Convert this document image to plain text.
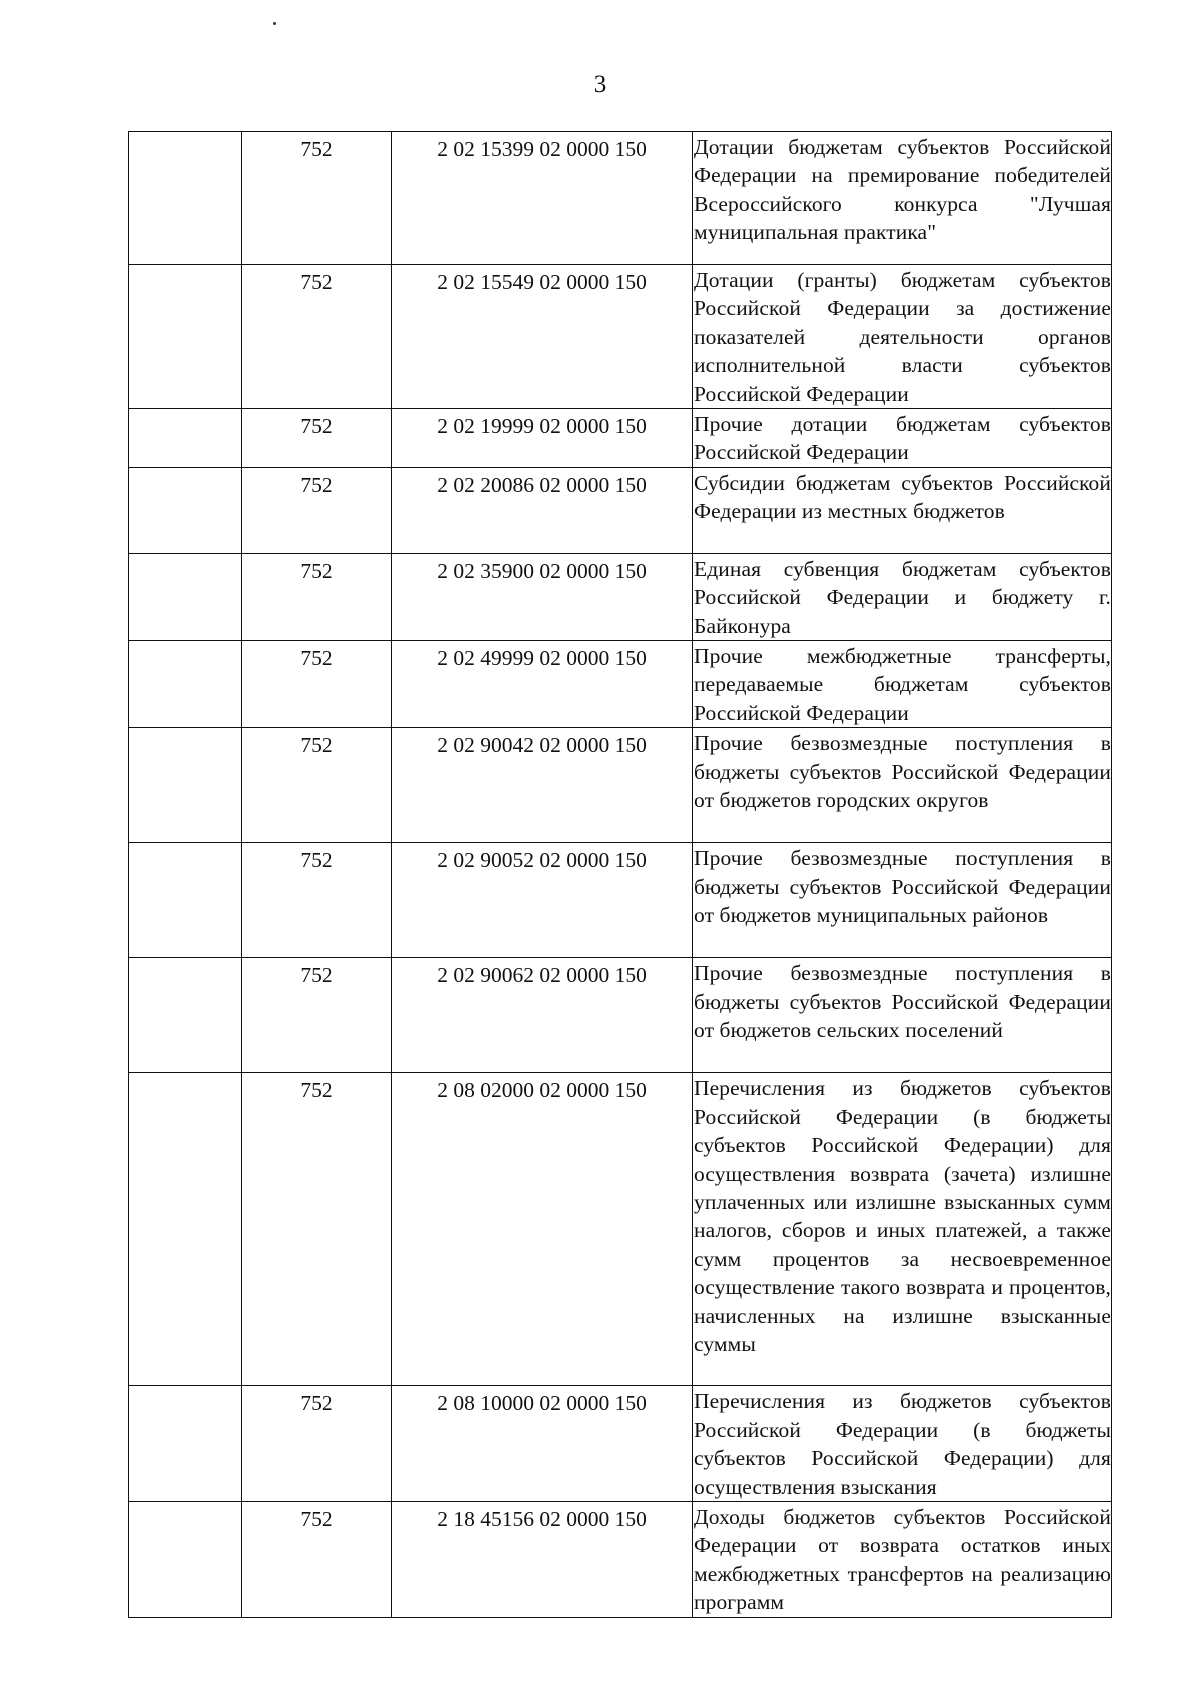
3
	752	2 02 15399 02 0000 150	Дотации бюджетам субъектов Российской Федерации на премирование победителей Всероссийского конкурса "Лучшая муниципальная практика"
	752	2 02 15549 02 0000 150	Дотации (гранты) бюджетам субъектов Российской Федерации за достижение показателей деятельности органов исполнительной власти субъектов Российской Федерации
	752	2 02 19999 02 0000 150	Прочие дотации бюджетам субъектов Российской Федерации
	752	2 02 20086 02 0000 150	Субсидии бюджетам субъектов Российской Федерации из местных бюджетов
	752	2 02 35900 02 0000 150	Единая субвенция бюджетам субъектов Российской Федерации и бюджету г. Байконура
	752	2 02 49999 02 0000 150	Прочие межбюджетные трансферты, передаваемые бюджетам субъектов Российской Федерации
	752	2 02 90042 02 0000 150	Прочие безвозмездные поступления в бюджеты субъектов Российской Федерации от бюджетов городских округов
	752	2 02 90052 02 0000 150	Прочие безвозмездные поступления в бюджеты субъектов Российской Федерации от бюджетов муниципальных районов
	752	2 02 90062 02 0000 150	Прочие безвозмездные поступления в бюджеты субъектов Российской Федерации от бюджетов сельских поселений
	752	2 08 02000 02 0000 150	Перечисления из бюджетов субъектов Российской Федерации (в бюджеты субъектов Российской Федерации) для осуществления возврата (зачета) излишне уплаченных или излишне взысканных сумм налогов, сборов и иных платежей, а также сумм процентов за несвоевременное осуществление такого возврата и процентов, начисленных на излишне взысканные суммы
	752	2 08 10000 02 0000 150	Перечисления из бюджетов субъектов Российской Федерации (в бюджеты субъектов Российской Федерации) для осуществления взыскания
	752	2 18 45156 02 0000 150	Доходы бюджетов субъектов Российской Федерации от возврата остатков иных межбюджетных трансфертов на реализацию программ
